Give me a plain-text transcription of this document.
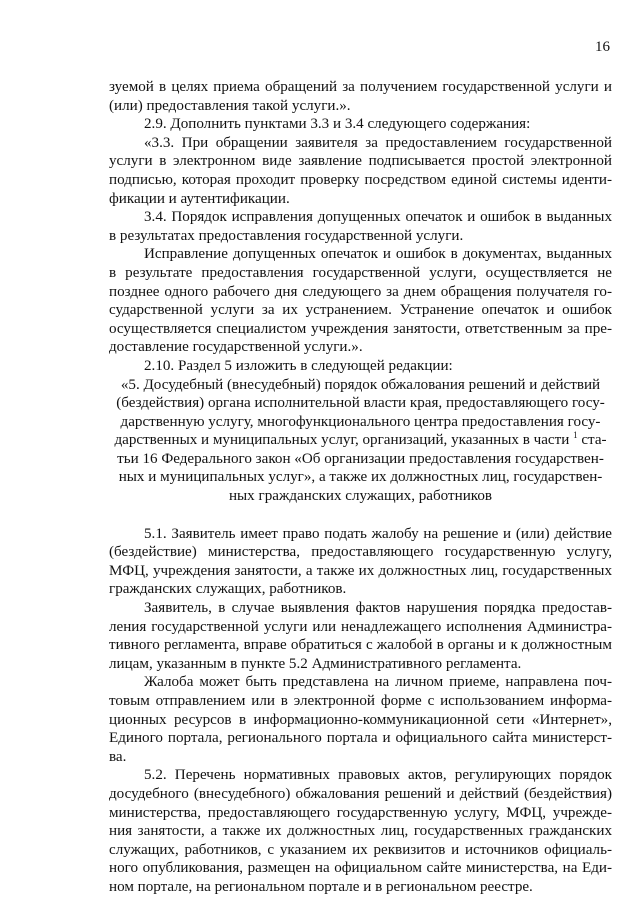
16

зуемой в целях приема обращений за получением государственной услуги и (или) предоставления такой услуги.».

2.9. Дополнить пунктами 3.3 и 3.4 следующего содержания:

«3.3. При обращении заявителя за предоставлением государственной услуги в электронном виде заявление подписывается простой электронной подписью, которая проходит проверку посредством единой системы идентификации и аутентификации.

3.4. Порядок исправления допущенных опечаток и ошибок в выданных в результатах предоставления государственной услуги.

Исправление допущенных опечаток и ошибок в документах, выданных в результате предоставления государственной услуги, осуществляется не позднее одного рабочего дня следующего за днем обращения получателя государственной услуги за их устранением. Устранение опечаток и ошибок осуществляется специалистом учреждения занятости, ответственным за предоставление государственной услуги.».

2.10. Раздел 5 изложить в следующей редакции:

«5. Досудебный (внесудебный) порядок обжалования решений и действий (бездействия) органа исполнительной власти края, предоставляющего государственную услугу, многофункционального центра предоставления государственных и муниципальных услуг, организаций, указанных в части $^1$ статьи 16 Федерального закон «Об организации предоставления государственных и муниципальных услуг», а также их должностных лиц, государственных гражданских служащих, работников

5.1. Заявитель имеет право подать жалобу на решение и (или) действие (бездействие) министерства, предоставляющего государственную услугу, МФЦ, учреждения занятости, а также их должностных лиц, государственных гражданских служащих, работников.

Заявитель, в случае выявления фактов нарушения порядка предоставления государственной услуги или ненадлежащего исполнения Административного регламента, вправе обратиться с жалобой в органы и к должностным лицам, указанным в пункте 5.2 Административного регламента.

Жалоба может быть представлена на личном приеме, направлена почтовым отправлением или в электронной форме с использованием информационных ресурсов в информационно-коммуникационной сети «Интернет», Единого портала, регионального портала и официального сайта министерства.

5.2. Перечень нормативных правовых актов, регулирующих порядок досудебного (внесудебного) обжалования решений и действий (бездействия) министерства, предоставляющего государственную услугу, МФЦ, учреждения занятости, а также их должностных лиц, государственных гражданских служащих, работников, с указанием их реквизитов и источников официального опубликования, размещен на официальном сайте министерства, на Едином портале, на региональном портале и в региональном реестре.
